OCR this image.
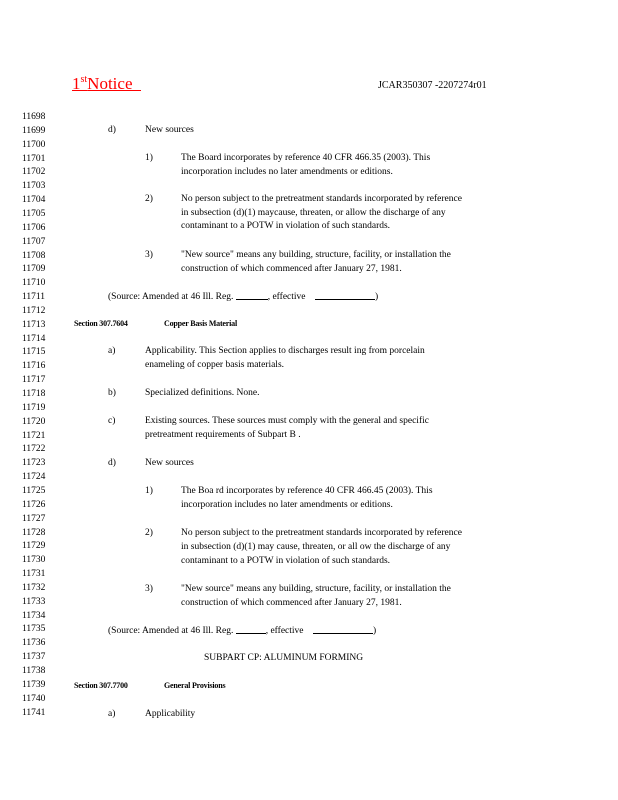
1stNotice	JCAR350307 -2207274r01
11698
11699
11700
11701
11702
11703
11704
11705
11706
11707
11708
11709
11710
11711
11712
11713
11714
11715
11716
11717
11718
11719
11720
11721
11722
11723
11724
11725
11726
11727
11728
11729
11730
11731
11732
11733
11734
11735
11736
11737
11738
11739
11740
11741
d)	New sources
1)	The Board incorporates by reference 40 CFR 466.35 (2003). This
incorporation includes no later amendments or editions.
2)	No person subject to the pretreatment standards incorporated by reference
in subsection (d)(1) maycause, threaten, or allow the discharge of any
contaminant to a POTW in violation of such standards.
3)	"New source" means any building, structure, facility, or installation the
construction of which commenced after January 27, 1981.
(Source: Amended at 46 Ill. Reg.	, effective	)
Section 307.7604	Copper Basis Material
a)	Applicability. This Section applies to discharges result ing from porcelain
enameling of copper basis materials.
b)	Specialized definitions. None.
c)	Existing sources. These sources must comply with the general and specific
pretreatment requirements of Subpart B .
d)	New sources
1)	The Boa rd incorporates by reference 40 CFR 466.45 (2003). This
incorporation includes no later amendments or editions.
2)	No person subject to the pretreatment standards incorporated by reference
in subsection (d)(1) may cause, threaten, or all ow the discharge of any
contaminant to a POTW in violation of such standards.
3)	"New source" means any building, structure, facility, or installation the
construction of which commenced after January 27, 1981.
(Source: Amended at 46 Ill. Reg.	, effective	)
SUBPART CP: ALUMINUM FORMING
Section 307.7700	General Provisions
a)	Applicability
